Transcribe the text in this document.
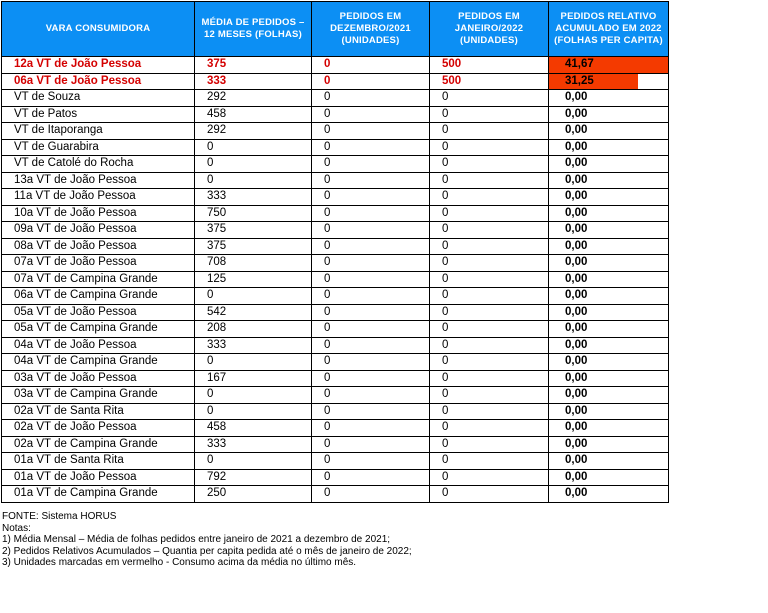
VARA CONSUMIDORA	MÉDIA DE PEDIDOS – 12 MESES (FOLHAS)	PEDIDOS EM DEZEMBRO/2021 (UNIDADES)	PEDIDOS EM JANEIRO/2022 (UNIDADES)	PEDIDOS RELATIVO ACUMULADO EM 2022 (FOLHAS PER CAPITA)
12a VT de João Pessoa	375	0	500	41,67
06a VT de João Pessoa	333	0	500	31,25
VT de Souza	292	0	0	0,00
VT de Patos	458	0	0	0,00
VT de Itaporanga	292	0	0	0,00
VT de Guarabira	0	0	0	0,00
VT de Catolé do Rocha	0	0	0	0,00
13a VT de João Pessoa	0	0	0	0,00
11a VT de João Pessoa	333	0	0	0,00
10a VT de João Pessoa	750	0	0	0,00
09a VT de João Pessoa	375	0	0	0,00
08a VT de João Pessoa	375	0	0	0,00
07a VT de João Pessoa	708	0	0	0,00
07a VT de Campina Grande	125	0	0	0,00
06a VT de Campina Grande	0	0	0	0,00
05a VT de João Pessoa	542	0	0	0,00
05a VT de Campina Grande	208	0	0	0,00
04a VT de João Pessoa	333	0	0	0,00
04a VT de Campina Grande	0	0	0	0,00
03a VT de João Pessoa	167	0	0	0,00
03a VT de Campina Grande	0	0	0	0,00
02a VT de Santa Rita	0	0	0	0,00
02a VT de João Pessoa	458	0	0	0,00
02a VT de Campina Grande	333	0	0	0,00
01a VT de Santa Rita	0	0	0	0,00
01a VT de João Pessoa	792	0	0	0,00
01a VT de Campina Grande	250	0	0	0,00
FONTE: Sistema HORUS
Notas:
1) Média Mensal – Média de folhas pedidos entre janeiro de 2021 a dezembro de 2021;
2) Pedidos Relativos Acumulados – Quantia per capita pedida até o mês de janeiro de 2022;
3) Unidades marcadas em vermelho - Consumo acima da média no último mês.
